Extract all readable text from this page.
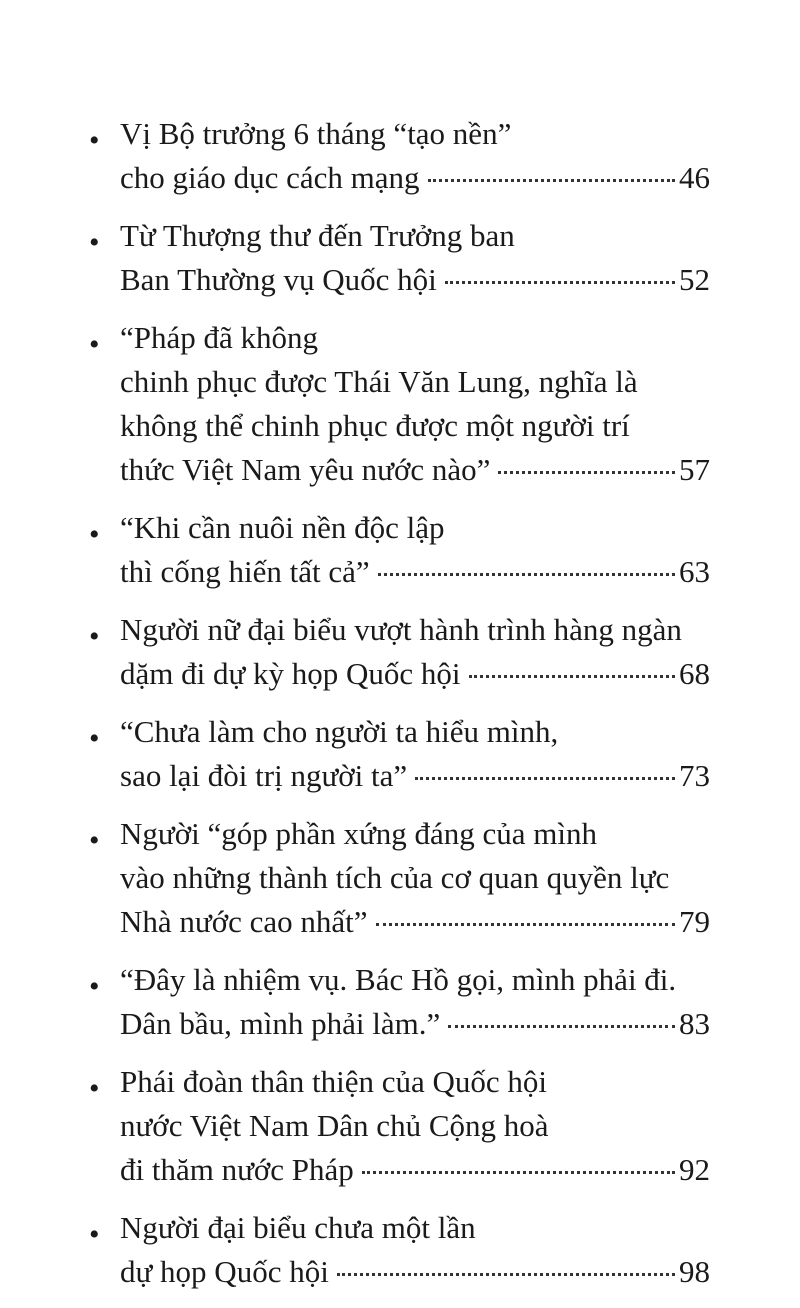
• Vị Bộ trưởng 6 tháng “tạo nền”
cho giáo dục cách mạng	46
• Từ Thượng thư đến Trưởng ban
Ban Thường vụ Quốc hội	52
• “Pháp đã không
chinh phục được Thái Văn Lung, nghĩa là
không thể chinh phục được một người trí
thức Việt Nam yêu nước nào”	57
• “Khi cần nuôi nền độc lập
thì cống hiến tất cả”	63
• Người nữ đại biểu vượt hành trình hàng ngàn
dặm đi dự kỳ họp Quốc hội	68
• “Chưa làm cho người ta hiểu mình,
sao lại đòi trị người ta”	73
• Người “góp phần xứng đáng của mình
vào những thành tích của cơ quan quyền lực
Nhà nước cao nhất”	79
• “Đây là nhiệm vụ. Bác Hồ gọi, mình phải đi.
Dân bầu, mình phải làm.”	83
• Phái đoàn thân thiện của Quốc hội
nước Việt Nam Dân chủ Cộng hoà
đi thăm nước Pháp	92
• Người đại biểu chưa một lần
dự họp Quốc hội	98
